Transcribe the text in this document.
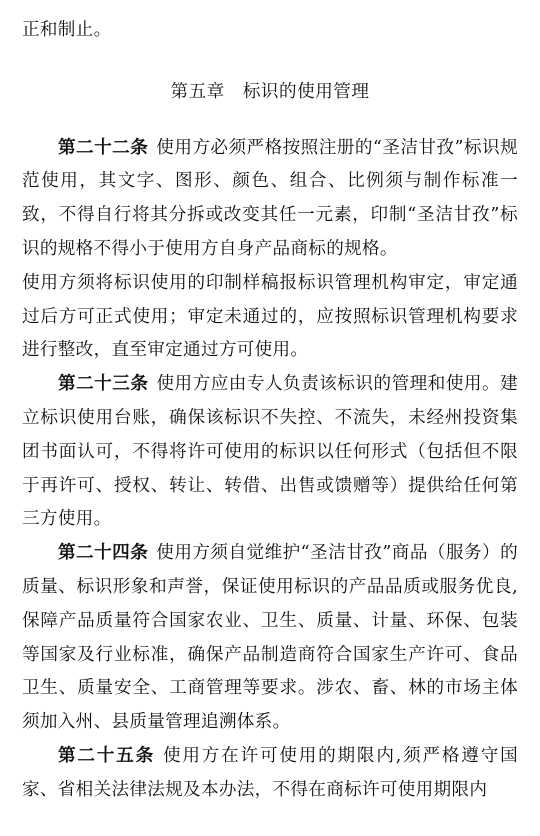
正和制止。

第五章 标识的使用管理

第二十二条 使用方必须严格按照注册的“圣洁甘孜”标识规范使用，其文字、图形、颜色、组合、比例须与制作标准一致，不得自行将其分拆或改变其任一元素，印制“圣洁甘孜”标识的规格不得小于使用方自身产品商标的规格。

使用方须将标识使用的印制样稿报标识管理机构审定，审定通过后方可正式使用；审定未通过的，应按照标识管理机构要求进行整改，直至审定通过方可使用。

第二十三条 使用方应由专人负责该标识的管理和使用。建立标识使用台账，确保该标识不失控、不流失，未经州投资集团书面认可，不得将许可使用的标识以任何形式（包括但不限于再许可、授权、转让、转借、出售或馈赠等）提供给任何第三方使用。

第二十四条 使用方须自觉维护“圣洁甘孜”商品（服务）的质量、标识形象和声誉，保证使用标识的产品品质或服务优良,保障产品质量符合国家农业、卫生、质量、计量、环保、包装等国家及行业标准，确保产品制造商符合国家生产许可、食品卫生、质量安全、工商管理等要求。涉农、畜、林的市场主体须加入州、县质量管理追溯体系。

第二十五条 使用方在许可使用的期限内,须严格遵守国家、省相关法律法规及本办法，不得在商标许可使用期限内
